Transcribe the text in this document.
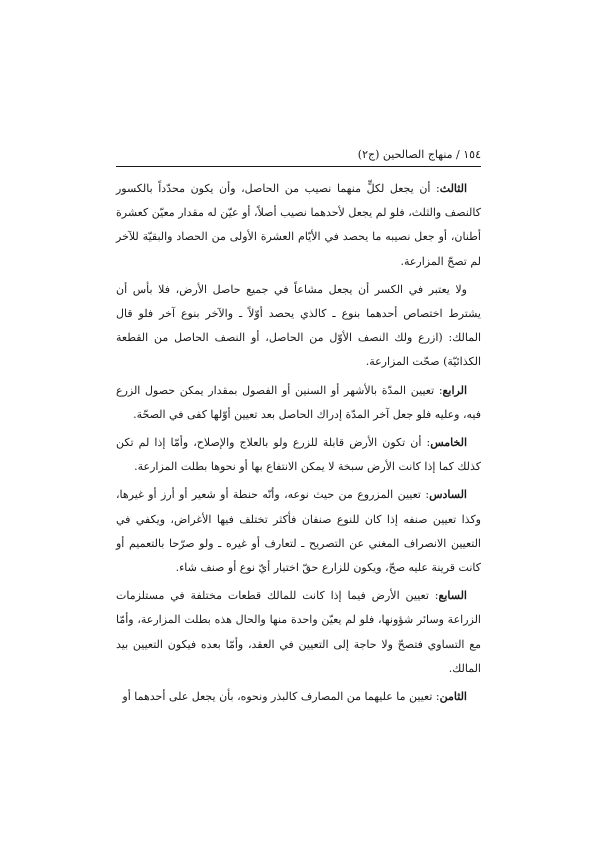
١٥٤ / منهاج الصالحين (ج٢)

الثالث: أن يجعل لكلٍّ منهما نصيب من الحاصل، وأن يكون محدّداً بالكسور كالنصف والثلث، فلو لم يجعل لأحدهما نصيب أصلاً، أو عيّن له مقدار معيّن كعشرة أطنان، أو جعل نصيبه ما يحصد في الأيّام العشرة الأولى من الحصاد والبقيّة للآخر لم تصحّ المزارعة.

ولا يعتبر في الكسر أن يجعل مشاعاً في جميع حاصل الأرض، فلا بأس أن يشترط اختصاص أحدهما بنوع ـ كالذي يحصد أوّلاً ـ والآخر بنوع آخر فلو قال المالك: (ازرع ولك النصف الأوّل من الحاصل، أو النصف الحاصل من القطعة الكذائيّة) صحّت المزارعة.

الرابع: تعيين المدّة بالأشهر أو السنين أو الفصول بمقدار يمكن حصول الزرع فيه، وعليه فلو جعل آخر المدّة إدراك الحاصل بعد تعيين أوّلها كفى في الصحّة.

الخامس: أن تكون الأرض قابلة للزرع ولو بالعلاج والإصلاح، وأمّا إذا لم تكن كذلك كما إذا كانت الأرض سبخة لا يمكن الانتفاع بها أو نحوها بطلت المزارعة.

السادس: تعيين المزروع من حيث نوعه، وأنّه حنطة أو شعير أو أرز أو غيرها، وكذا تعيين صنفه إذا كان للنوع صنفان فأكثر تختلف فيها الأغراض، ويكفي في التعيين الانصراف المغني عن التصريح ـ لتعارف أو غيره ـ ولو صرّحا بالتعميم أو كانت قرينة عليه صحّ، ويكون للزارع حقّ اختيار أيّ نوع أو صنف شاء.

السابع: تعيين الأرض فيما إذا كانت للمالك قطعات مختلفة في مستلزمات الزراعة وسائر شؤونها، فلو لم يعيّن واحدة منها والحال هذه بطلت المزارعة، وأمّا مع التساوي فتصحّ ولا حاجة إلى التعيين في العقد، وأمّا بعده فيكون التعيين بيد المالك.

الثامن: تعيين ما عليهما من المصارف كالبذر ونحوه، بأن يجعل على أحدهما أو
